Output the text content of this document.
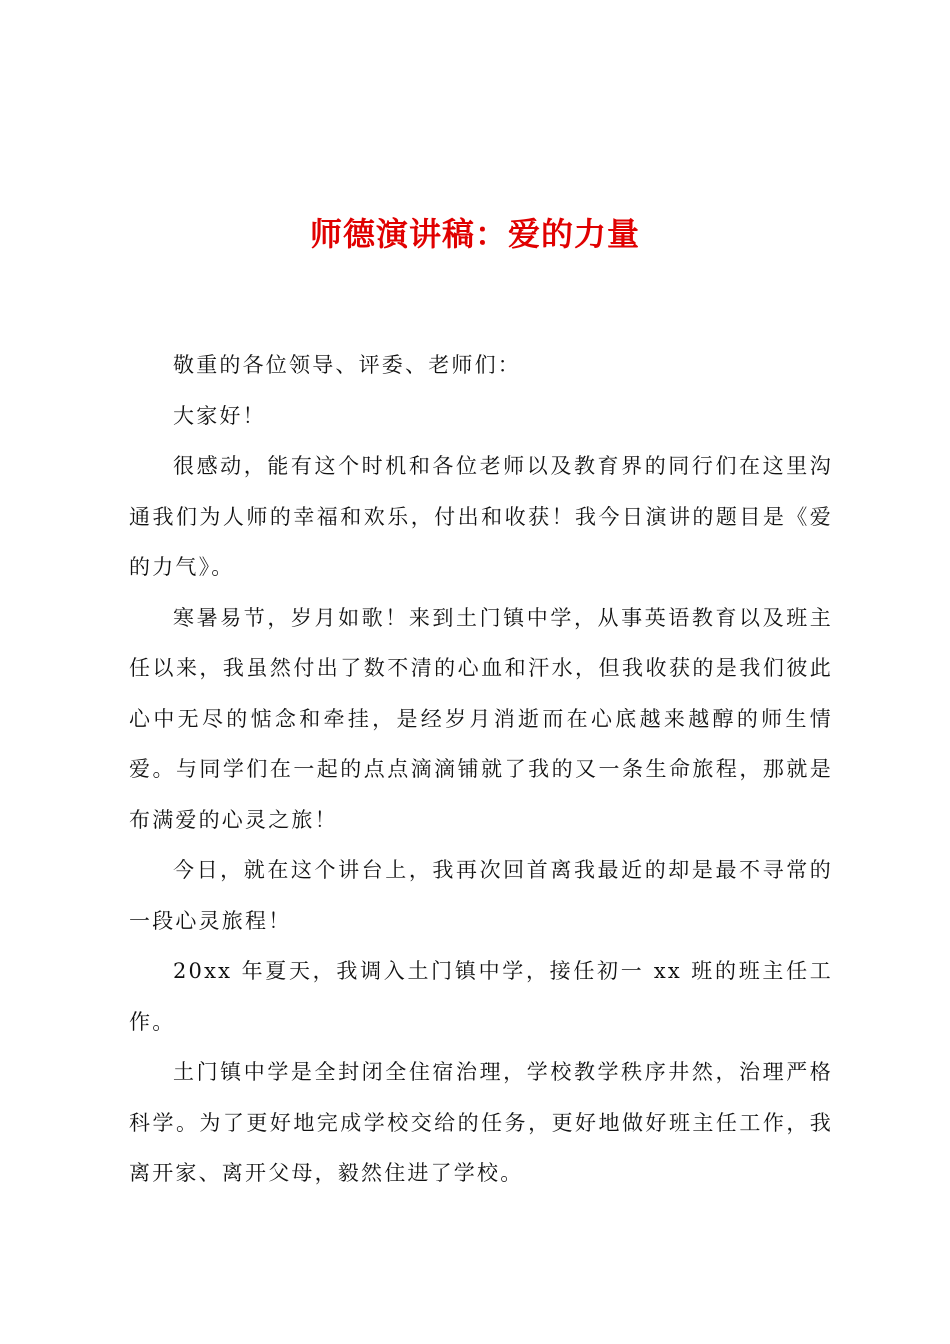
师德演讲稿：爱的力量

敬重的各位领导、评委、老师们：

大家好！

很感动，能有这个时机和各位老师以及教育界的同行们在这里沟通我们为人师的幸福和欢乐，付出和收获！我今日演讲的题目是《爱的力气》。

寒暑易节，岁月如歌！来到土门镇中学，从事英语教育以及班主任以来，我虽然付出了数不清的心血和汗水，但我收获的是我们彼此心中无尽的惦念和牵挂，是经岁月消逝而在心底越来越醇的师生情爱。与同学们在一起的点点滴滴铺就了我的又一条生命旅程，那就是布满爱的心灵之旅！

今日，就在这个讲台上，我再次回首离我最近的却是最不寻常的一段心灵旅程！

20xx 年夏天，我调入土门镇中学，接任初一 xx 班的班主任工作。

土门镇中学是全封闭全住宿治理，学校教学秩序井然，治理严格科学。为了更好地完成学校交给的任务，更好地做好班主任工作，我离开家、离开父母，毅然住进了学校。
